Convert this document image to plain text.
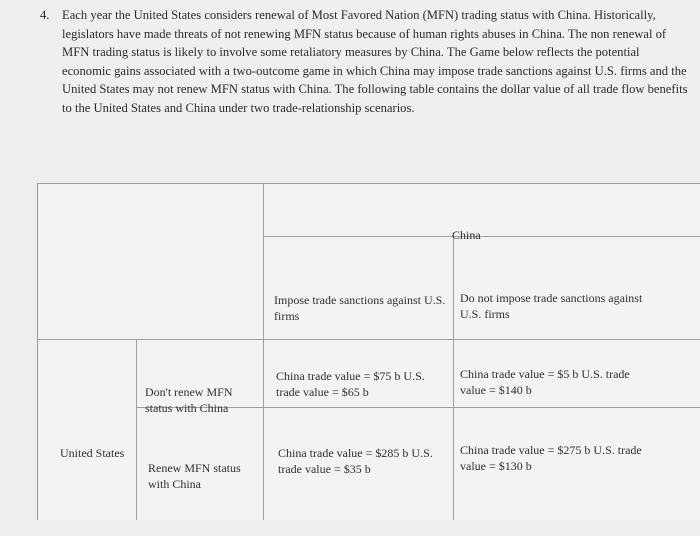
4. Each year the United States considers renewal of Most Favored Nation (MFN) trading status with China. Historically, legislators have made threats of not renewing MFN status because of human rights abuses in China. The non renewal of MFN trading status is likely to involve some retaliatory measures by China. The Game below reflects the potential economic gains associated with a two-outcome game in which China may impose trade sanctions against U.S. firms and the United States may not renew MFN status with China. The following table contains the dollar value of all trade flow benefits to the United States and China under two trade-relationship scenarios.
China
Impose trade sanctions against U.S. firms
Do not impose trade sanctions against U.S. firms
United States
Don't renew MFN status with China
Renew MFN status with China
China trade value = $75 b U.S. trade value = $65 b
China trade value = $5 b U.S. trade value = $140 b
China trade value = $285 b U.S. trade value = $35 b
China trade value = $275 b U.S. trade value = $130 b
